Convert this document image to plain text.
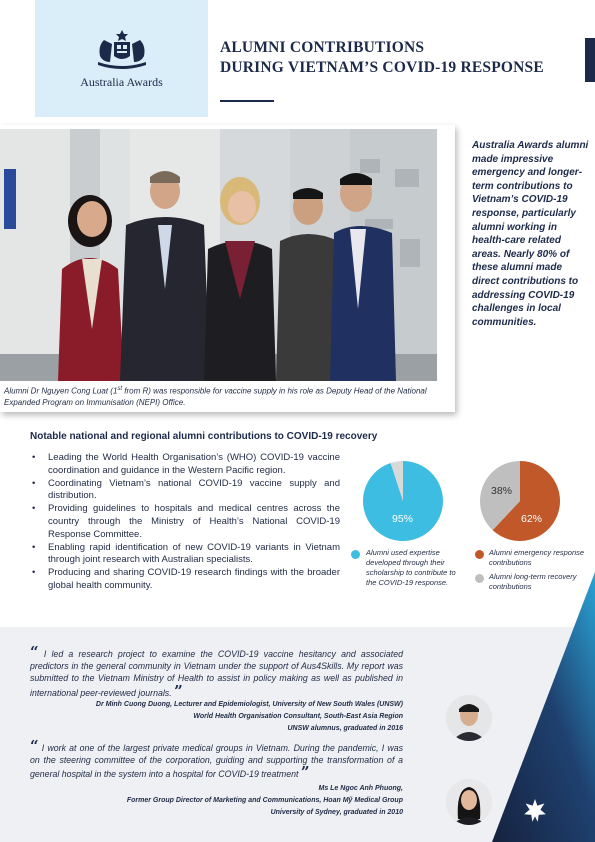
Australia Awards
ALUMNI CONTRIBUTIONS
DURING VIETNAM’S COVID-19 RESPONSE
Alumni Dr Nguyen Cong Luat (1st from R) was responsible for vaccine supply in his role as Deputy Head of the National Expanded Program on Immunisation (NEPI) Office.
Australia Awards alumni made impressive emergency and longer-term contributions to Vietnam’s COVID-19 response, particularly alumni working in health-care related areas. Nearly 80% of these alumni made direct contributions to addressing COVID-19 challenges in local communities.
Notable national and regional alumni contributions to COVID-19 recovery
• Leading the World Health Organisation’s (WHO) COVID-19 vaccine coordination and guidance in the Western Pacific region.
• Coordinating Vietnam’s national COVID-19 vaccine supply and distribution.
• Providing guidelines to hospitals and medical centres across the country through the Ministry of Health’s National COVID-19 Response Committee.
• Enabling rapid identification of new COVID-19 variants in Vietnam through joint research with Australian specialists.
• Producing and sharing COVID-19 research findings with the broader global health community.
95%	62%
38%
Alumni used expertise developed through their scholarship to contribute to the COVID-19 response.
Alumni emergency response contributions
Alumni long-term recovery contributions
“ I led a research project to examine the COVID-19 vaccine hesitancy and associated predictors in the general community in Vietnam under the support of Aus4Skills. My report was submitted to the Vietnam Ministry of Health to assist in policy making as well as published in international peer-reviewed journals. ”
Dr Minh Cuong Duong, Lecturer and Epidemiologist, University of New South Wales (UNSW)
World Health Organisation Consultant, South-East Asia Region
UNSW alumnus, graduated in 2016
“ I work at one of the largest private medical groups in Vietnam. During the pandemic, I was on the steering committee of the corporation, guiding and supporting the transformation of a general hospital in the system into a hospital for COVID-19 treatment ”
Ms Le Ngoc Anh Phuong,
Former Group Director of Marketing and Communications, Hoan Mỹ Medical Group
University of Sydney, graduated in 2010
